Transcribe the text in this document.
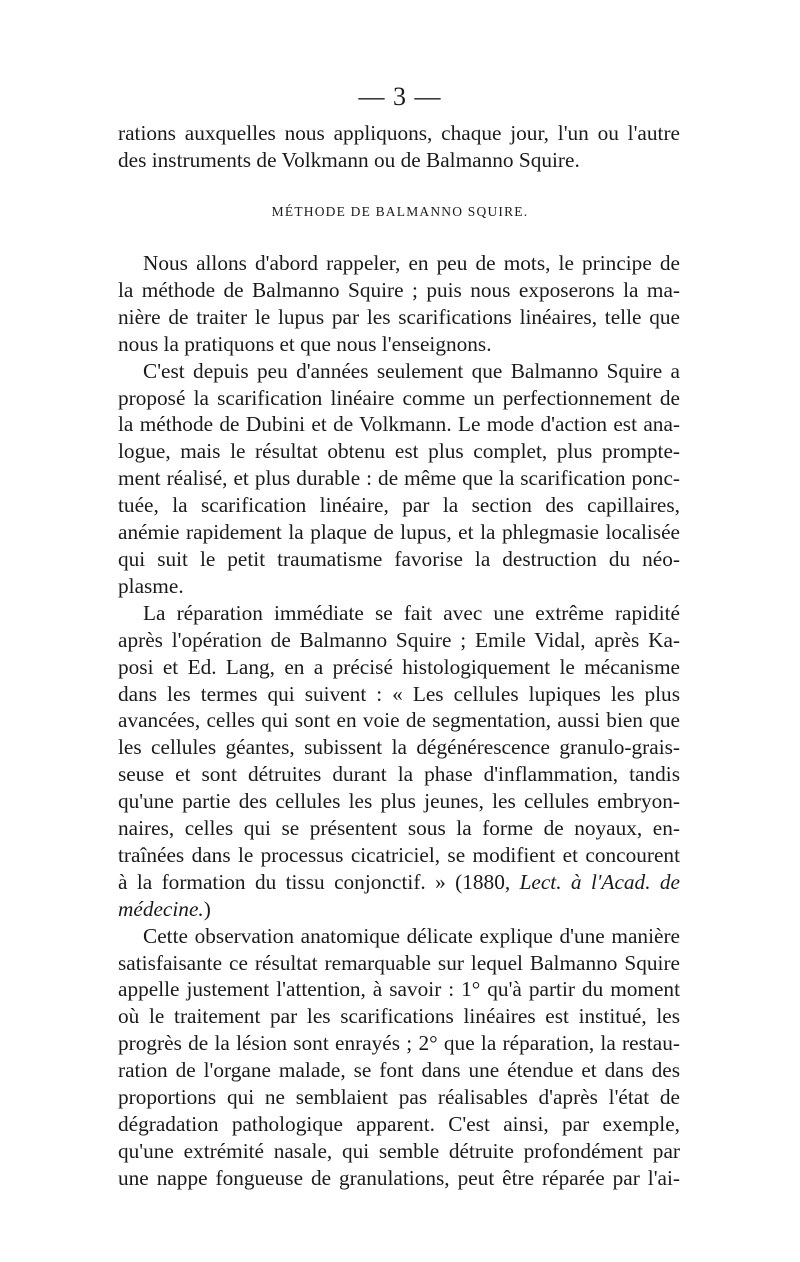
— 3 —
rations auxquelles nous appliquons, chaque jour, l'un ou l'autre
des instruments de Volkmann ou de Balmanno Squire.
MÉTHODE DE BALMANNO SQUIRE.
Nous allons d'abord rappeler, en peu de mots, le principe de
la méthode de Balmanno Squire ; puis nous exposerons la ma-
nière de traiter le lupus par les scarifications linéaires, telle que
nous la pratiquons et que nous l'enseignons.
C'est depuis peu d'années seulement que Balmanno Squire a
proposé la scarification linéaire comme un perfectionnement de
la méthode de Dubini et de Volkmann. Le mode d'action est ana-
logue, mais le résultat obtenu est plus complet, plus prompte-
ment réalisé, et plus durable : de même que la scarification ponc-
tuée, la scarification linéaire, par la section des capillaires,
anémie rapidement la plaque de lupus, et la phlegmasie localisée
qui suit le petit traumatisme favorise la destruction du néo-
plasme.
La réparation immédiate se fait avec une extrême rapidité
après l'opération de Balmanno Squire ; Emile Vidal, après Ka-
posi et Ed. Lang, en a précisé histologiquement le mécanisme
dans les termes qui suivent : « Les cellules lupiques les plus
avancées, celles qui sont en voie de segmentation, aussi bien que
les cellules géantes, subissent la dégénérescence granulo-grais-
seuse et sont détruites durant la phase d'inflammation, tandis
qu'une partie des cellules les plus jeunes, les cellules embryon-
naires, celles qui se présentent sous la forme de noyaux, en-
traînées dans le processus cicatriciel, se modifient et concourent
à la formation du tissu conjonctif. » (1880, Lect. à l'Acad. de
médecine.)
Cette observation anatomique délicate explique d'une manière
satisfaisante ce résultat remarquable sur lequel Balmanno Squire
appelle justement l'attention, à savoir : 1° qu'à partir du moment
où le traitement par les scarifications linéaires est institué, les
progrès de la lésion sont enrayés ; 2° que la réparation, la restau-
ration de l'organe malade, se font dans une étendue et dans des
proportions qui ne semblaient pas réalisables d'après l'état de
dégradation pathologique apparent. C'est ainsi, par exemple,
qu'une extrémité nasale, qui semble détruite profondément par
une nappe fongueuse de granulations, peut être réparée par l'ai-
